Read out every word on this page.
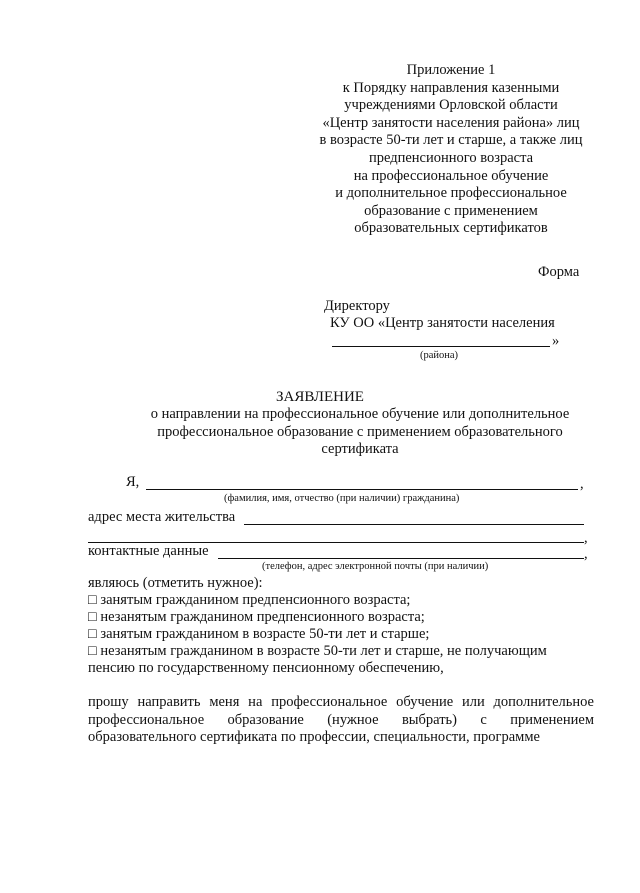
Приложение 1
к Порядку направления казенными
учреждениями Орловской области
«Центр занятости населения района» лиц
в возрасте 50-ти лет и старше, а также лиц
предпенсионного возраста
на профессиональное обучение
и дополнительное профессиональное
образование с применением
образовательных сертификатов
Форма
Директору
КУ ОО «Центр занятости населения
»
(района)
ЗАЯВЛЕНИЕ
о направлении на профессиональное обучение или дополнительное
профессиональное образование с применением образовательного
сертификата
Я,	,
(фамилия, имя, отчество (при наличии) гражданина)
адрес места жительства
,
контактные данные	,
(телефон, адрес электронной почты (при наличии)
являюсь (отметить нужное):
□ занятым гражданином предпенсионного возраста;
□ незанятым гражданином предпенсионного возраста;
□ занятым гражданином в возрасте 50-ти лет и старше;
□ незанятым гражданином в возрасте 50-ти лет и старше, не получающим
пенсию по государственному пенсионному обеспечению,
прошу направить меня на профессиональное обучение или дополнительное
профессиональное образование (нужное выбрать) с применением
образовательного сертификата по профессии, специальности, программе
